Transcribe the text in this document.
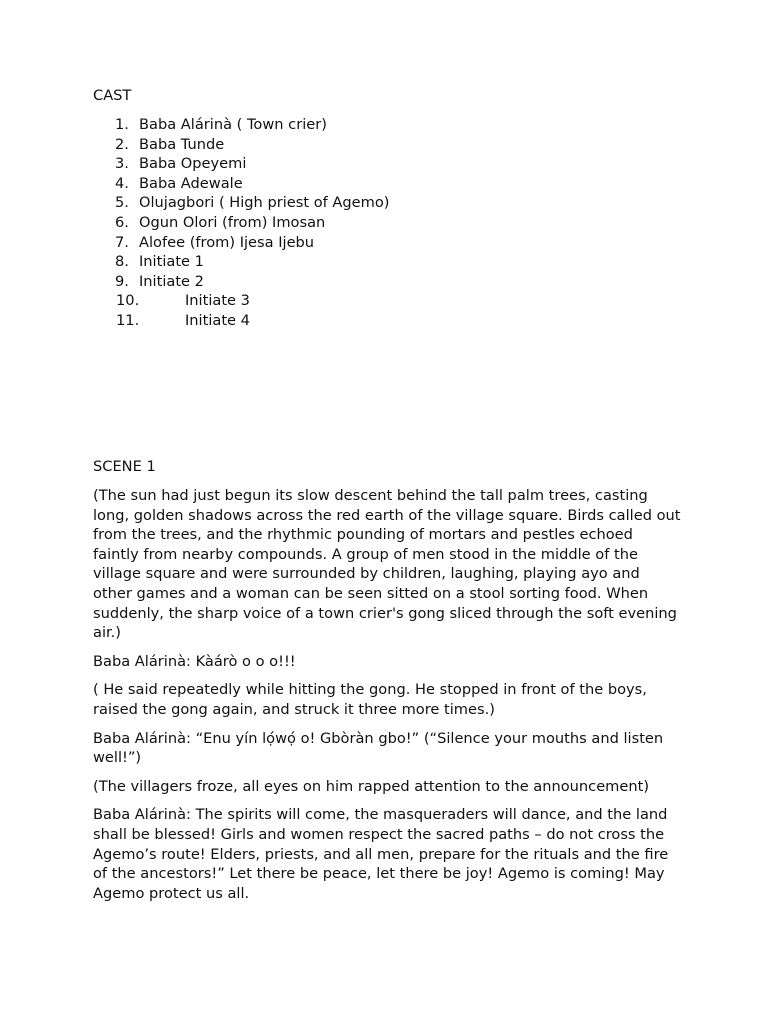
CAST
1. Baba Alárinà ( Town crier)
2. Baba Tunde
3. Baba Opeyemi
4. Baba Adewale
5. Olujagbori ( High priest of Agemo)
6. Ogun Olori (from) Imosan
7. Alofee (from) Ijesa Ijebu
8. Initiate 1
9. Initiate 2
10.	Initiate 3
11.	Initiate 4
SCENE 1

(The sun had just begun its slow descent behind the tall palm trees, casting long, golden shadows across the red earth of the village square. Birds called out from the trees, and the rhythmic pounding of mortars and pestles echoed faintly from nearby compounds. A group of men stood in the middle of the village square and were surrounded by children, laughing, playing ayo and other games and a woman can be seen sitted on a stool sorting food. When suddenly, the sharp voice of a town crier's gong sliced through the soft evening air.)

Baba Alárinà: Kàárò o o o!!!

( He said repeatedly while hitting the gong. He stopped in front of the boys, raised the gong again, and struck it three more times.)

Baba Alárinà: “Enu yín lọ́wọ́ o! Gbòràn gbo!” (“Silence your mouths and listen well!”)

(The villagers froze, all eyes on him rapped attention to the announcement)

Baba Alárinà: The spirits will come, the masqueraders will dance, and the land shall be blessed! Girls and women respect the sacred paths – do not cross the Agemo’s route! Elders, priests, and all men, prepare for the rituals and the fire of the ancestors!” Let there be peace, let there be joy! Agemo is coming! May Agemo protect us all.
